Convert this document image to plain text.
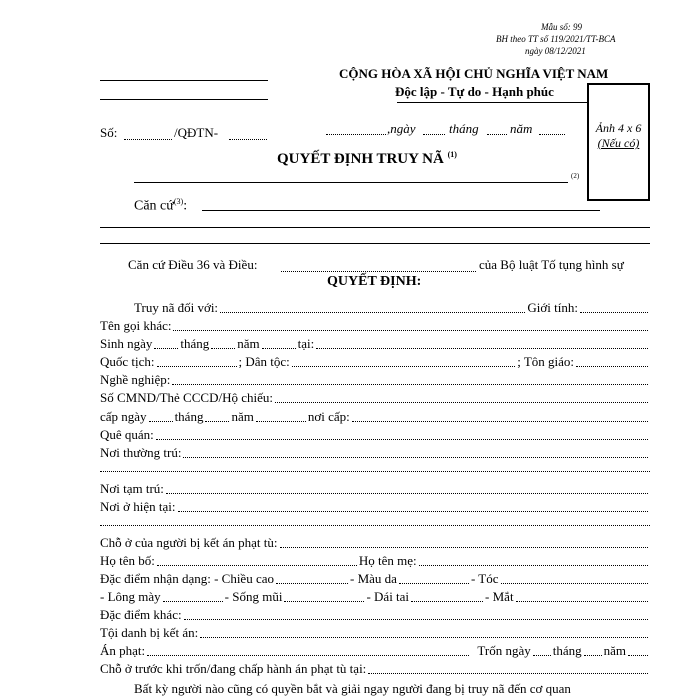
Mẫu số: 99
BH theo TT số 119/2021/TT-BCA
ngày 08/12/2021
CỘNG HÒA XÃ HỘI CHỦ NGHĨA VIỆT NAM
Độc lập - Tự do - Hạnh phúc
Ảnh 4 x 6
(Nếu có)
Số:	/QĐTN-	,ngày	tháng năm
QUYẾT ĐỊNH TRUY NÃ $^{(1)}$
(2)
Căn cứ$^{(3)}$:
Căn cứ Điều 36 và Điều:	của Bộ luật Tố tụng hình sự
QUYẾT ĐỊNH:
Truy nã đối với:	Giới tính:
Tên gọi khác:
Sinh ngày tháng năm	tại:
Quốc tịch:	; Dân tộc:	; Tôn giáo:
Nghề nghiệp:
Số CMND/Thẻ CCCD/Hộ chiếu:
cấp ngày tháng năm	nơi cấp:
Quê quán:
Nơi thường trú:
Nơi tạm trú:
Nơi ở hiện tại:
Chỗ ở của người bị kết án phạt tù:
Họ tên bố:	Họ tên mẹ:
Đặc điểm nhận dạng: - Chiều cao	- Màu da	- Tóc
- Lông mày	- Sống mũi	- Dái tai	- Mắt
Đặc điểm khác:
Tội danh bị kết án:
Án phạt:	Trốn ngày tháng năm
Chỗ ở trước khi trốn/đang chấp hành án phạt tù tại:
Bất kỳ người nào cũng có quyền bắt và giải ngay người đang bị truy nã đến cơ quan
